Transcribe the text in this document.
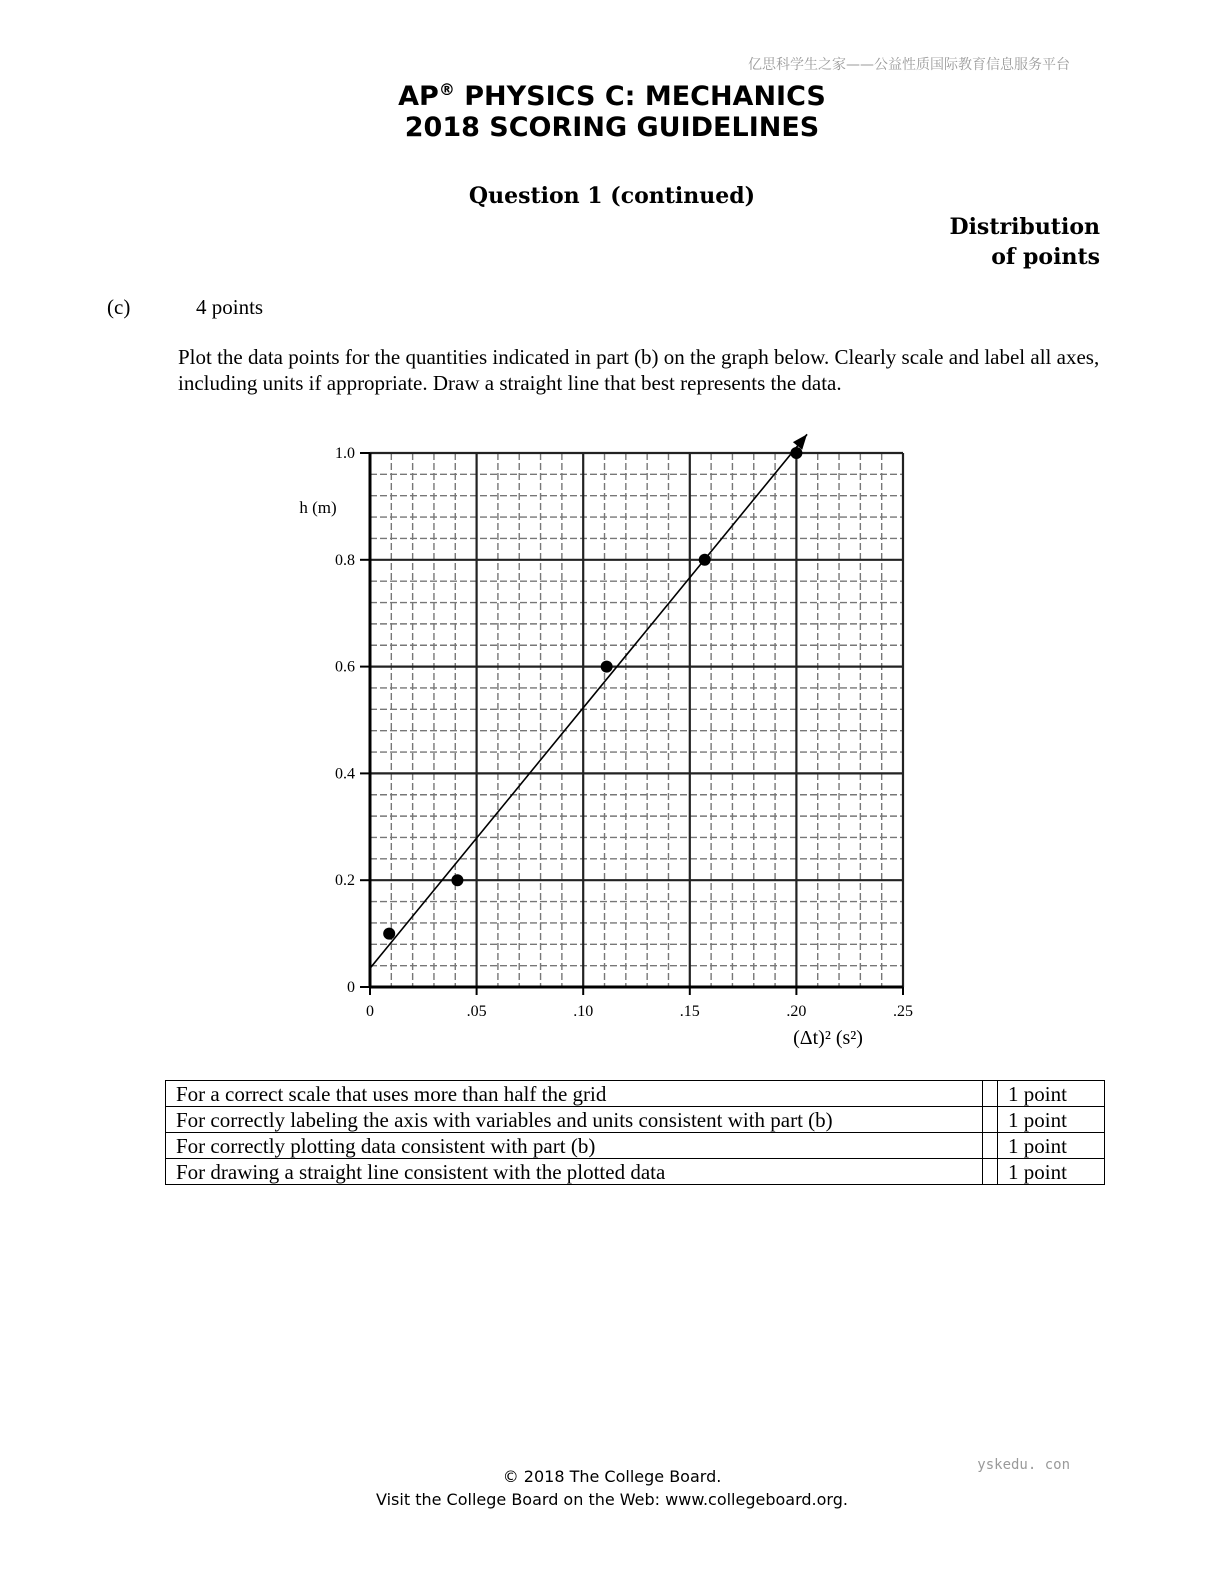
亿思科学生之家——公益性质国际教育信息服务平台
AP® PHYSICS C: MECHANICS
2018 SCORING GUIDELINES
Question 1 (continued)
Distribution
of points
(c)	4 points
Plot the data points for the quantities indicated in part (b) on the graph below. Clearly scale and label all axes, including units if appropriate. Draw a straight line that best represents the data.
0	.05	.10	.15	.20	.25
0
0.2
0.4
0.6
0.8
1.0
h (m)
(Δt)² (s²)
For a correct scale that uses more than half the grid		1 point
For correctly labeling the axis with variables and units consistent with part (b)		1 point
For correctly plotting data consistent with part (b)		1 point
For drawing a straight line consistent with the plotted data		1 point
© 2018 The College Board.
Visit the College Board on the Web: www.collegeboard.org.
yskedu. con
